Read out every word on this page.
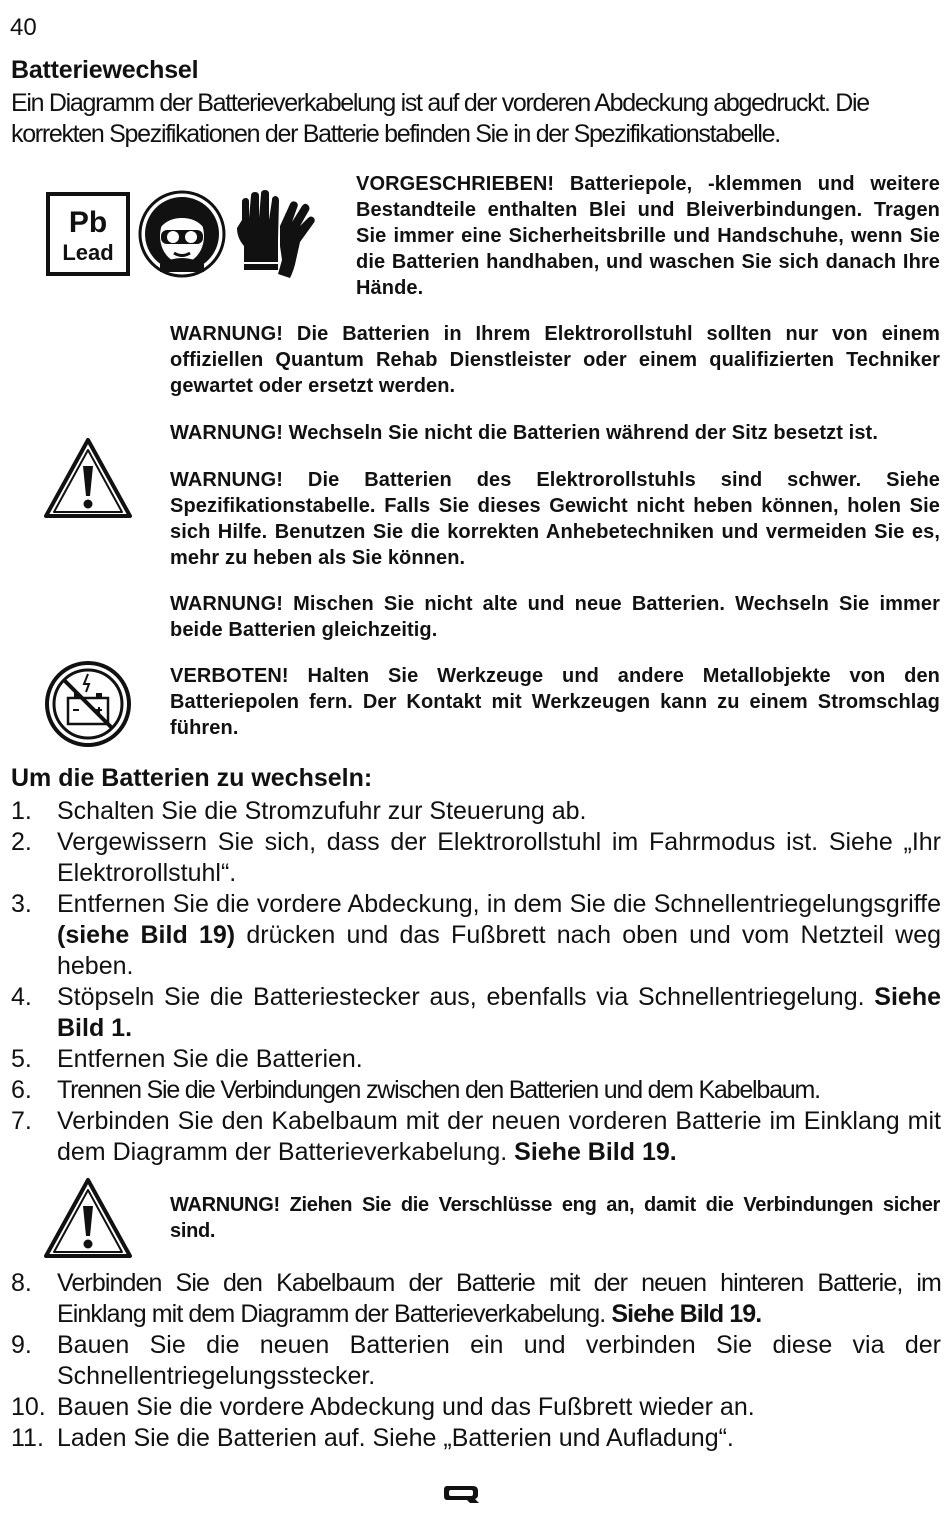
40
Batteriewechsel
Ein Diagramm der Batterieverkabelung ist auf der vorderen Abdeckung abgedruckt. Die korrekten Spezifikationen der Batterie befinden Sie in der Spezifikationstabelle.
Pb
Lead
VORGESCHRIEBEN! Batteriepole, -klemmen und weitere Bestandteile enthalten Blei und Bleiverbindungen. Tragen Sie immer eine Sicherheitsbrille und Handschuhe, wenn Sie die Batterien handhaben, und waschen Sie sich danach Ihre Hände.
WARNUNG! Die Batterien in Ihrem Elektrorollstuhl sollten nur von einem offiziellen Quantum Rehab Dienstleister oder einem qualifizierten Techniker gewartet oder ersetzt werden.
WARNUNG! Wechseln Sie nicht die Batterien während der Sitz besetzt ist.
WARNUNG! Die Batterien des Elektrorollstuhls sind schwer. Siehe Spezifikationstabelle. Falls Sie dieses Gewicht nicht heben können, holen Sie sich Hilfe. Benutzen Sie die korrekten Anhebetechniken und vermeiden Sie es, mehr zu heben als Sie können.
WARNUNG! Mischen Sie nicht alte und neue Batterien. Wechseln Sie immer beide Batterien gleichzeitig.
VERBOTEN! Halten Sie Werkzeuge und andere Metallobjekte von den Batteriepolen fern. Der Kontakt mit Werkzeugen kann zu einem Stromschlag führen.
Um die Batterien zu wechseln:
1.	Schalten Sie die Stromzufuhr zur Steuerung ab.
2.	Vergewissern Sie sich, dass der Elektrorollstuhl im Fahrmodus ist. Siehe „Ihr Elektrorollstuhl“.
3.	Entfernen Sie die vordere Abdeckung, in dem Sie die Schnellentriegelungsgriffe (siehe Bild 19) drücken und das Fußbrett nach oben und vom Netzteil weg heben.
4.	Stöpseln Sie die Batteriestecker aus, ebenfalls via Schnellentriegelung. Siehe Bild 1.
5.	Entfernen Sie die Batterien.
6.	Trennen Sie die Verbindungen zwischen den Batterien und dem Kabelbaum.
7.	Verbinden Sie den Kabelbaum mit der neuen vorderen Batterie im Einklang mit dem Diagramm der Batterieverkabelung. Siehe Bild 19.
WARNUNG! Ziehen Sie die Verschlüsse eng an, damit die Verbindungen sicher sind.
8.	Verbinden Sie den Kabelbaum der Batterie mit der neuen hinteren Batterie, im Einklang mit dem Diagramm der Batterieverkabelung. Siehe Bild 19.
9.	Bauen Sie die neuen Batterien ein und verbinden Sie diese via der Schnellentriegelungsstecker.
10. Bauen Sie die vordere Abdeckung und das Fußbrett wieder an.
11. Laden Sie die Batterien auf. Siehe „Batterien und Aufladung“.
